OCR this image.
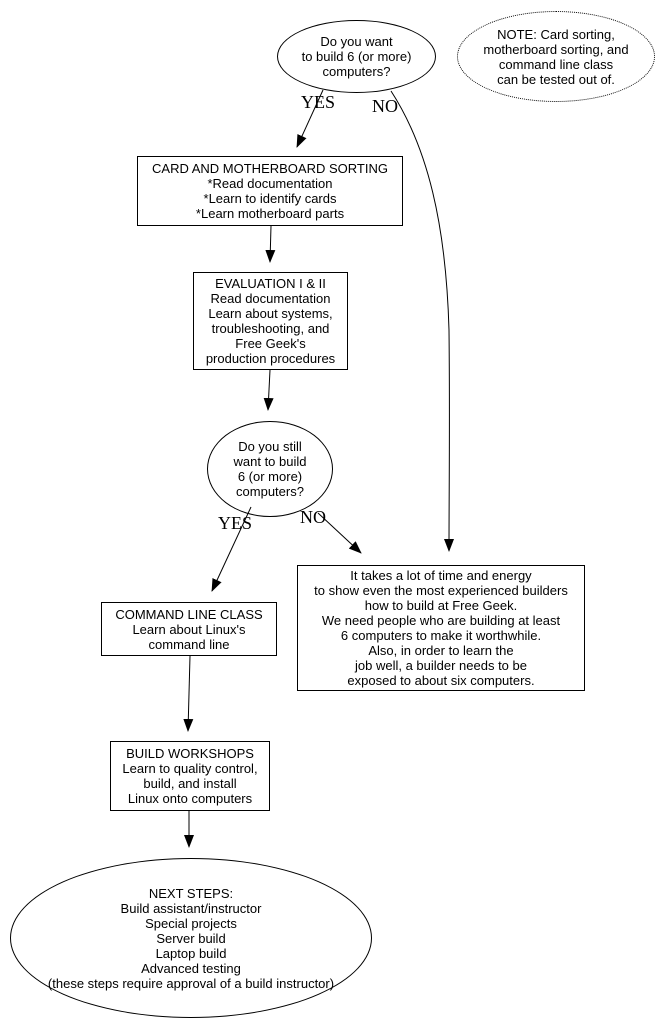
Do you want
to build 6 (or more)
computers?
NOTE: Card sorting,
motherboard sorting, and
command line class
can be tested out of.
CARD AND MOTHERBOARD SORTING
*Read documentation
*Learn to identify cards
*Learn motherboard parts
EVALUATION I & II
Read documentation
Learn about systems,
troubleshooting, and
Free Geek's
production procedures
Do you still
want to build
6 (or more)
computers?
COMMAND LINE CLASS
Learn about Linux's
command line
It takes a lot of time and energy
to show even the most experienced builders
how to build at Free Geek.
We need people who are building at least
6 computers to make it worthwhile.
Also, in order to learn the
job well, a builder needs to be
exposed to about six computers.
BUILD WORKSHOPS
Learn to quality control,
build, and install
Linux onto computers
NEXT STEPS:
Build assistant/instructor
Special projects
Server build
Laptop build
Advanced testing
(these steps require approval of a build instructor)
YES NO
YES	NO
